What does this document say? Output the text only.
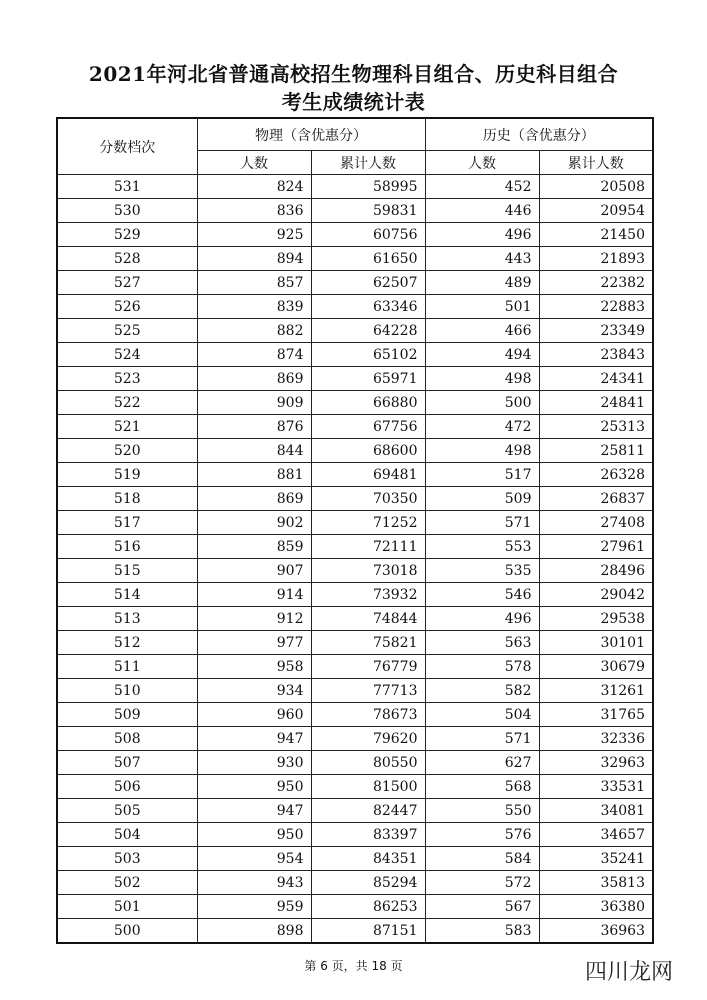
2021年河北省普通高校招生物理科目组合、历史科目组合
考生成绩统计表
分数档次	物理（含优惠分）		历史（含优惠分）	
	人数	累计人数	人数	累计人数
531	824	58995	452	20508
530	836	59831	446	20954
529	925	60756	496	21450
528	894	61650	443	21893
527	857	62507	489	22382
526	839	63346	501	22883
525	882	64228	466	23349
524	874	65102	494	23843
523	869	65971	498	24341
522	909	66880	500	24841
521	876	67756	472	25313
520	844	68600	498	25811
519	881	69481	517	26328
518	869	70350	509	26837
517	902	71252	571	27408
516	859	72111	553	27961
515	907	73018	535	28496
514	914	73932	546	29042
513	912	74844	496	29538
512	977	75821	563	30101
511	958	76779	578	30679
510	934	77713	582	31261
509	960	78673	504	31765
508	947	79620	571	32336
507	930	80550	627	32963
506	950	81500	568	33531
505	947	82447	550	34081
504	950	83397	576	34657
503	954	84351	584	35241
502	943	85294	572	35813
501	959	86253	567	36380
500	898	87151	583	36963
第 6 页，共 18 页	四川龙网
